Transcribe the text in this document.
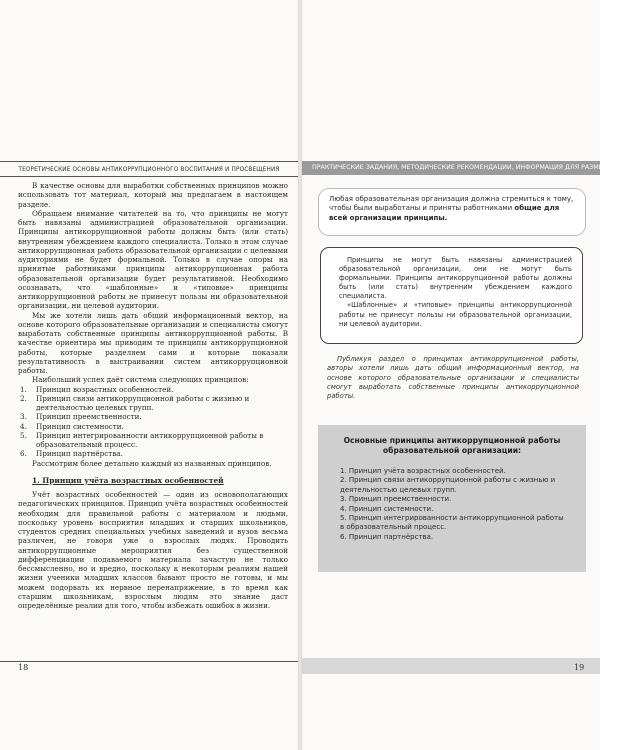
ТЕОРЕТИЧЕСКИЕ ОСНОВЫ АНТИКОРРУПЦИОННОГО ВОСПИТАНИЯ И ПРОСВЕЩЕНИЯ

В качестве основы для выработки собственных принципов можно использовать тот материал, который мы предлагаем в настоящем разделе.

Обращаем внимание читателей на то, что принципы не могут быть навязаны администрацией образовательной организации. Принципы антикоррупционной работы должны быть (или стать) внутренним убеждением каждого специалиста. Только в этом случае антикоррупционная работа образовательной организации с целевыми аудиториями не будет формальной. Только в случае опоры на принятые работниками принципы антикоррупционная работа образовательной организации будет результативной. Необходимо осознавать, что «шаблонные» и «типовые» принципы антикоррупционной работы не принесут пользы ни образовательной организации, ни целевой аудитории.

Мы же хотели лишь дать общий информационный вектор, на основе которого образовательные организации и специалисты смогут выработать собственные принципы антикоррупционной работы. В качестве ориентира мы приводим те принципы антикоррупционной работы, которые разделяем сами и которые показали результативность в выстраивании систем антикоррупционной работы.

Наибольший успех даёт система следующих принципов:

1. Принцип возрастных особенностей.
2. Принцип связи антикоррупционной работы с жизнью и деятельностью целевых групп.
3. Принцип преемственности.
4. Принцип системности.
5. Принцип интегрированности антикоррупционной работы в образовательный процесс.
6. Принцип партнёрства.

Рассмотрим более детально каждый из названных принципов.

1. Принцип учёта возрастных особенностей

Учёт возрастных особенностей — один из основополагающих педагогических принципов. Принцип учёта возрастных особенностей необходим для правильной работы с материалом и людьми, поскольку уровень восприятия младших и старших школьников, студентов средних специальных учебных заведений и вузов весьма различен, не говоря уже о взрослых людях. Проводить антикоррупционные мероприятия без существенной дифференциации подаваемого материала зачастую не только бессмысленно, но и вредно, поскольку к некоторым реалиям нашей жизни ученики младших классов бывают просто не готовы, и мы можем подорвать их нервное перенапряжение, в то время как старшим школьникам, взрослым людям это знание даст определённые реалии для того, чтобы избежать ошибок в жизни.

18
ПРАКТИЧЕСКИЕ ЗАДАНИЯ, МЕТОДИЧЕСКИЕ РЕКОМЕНДАЦИИ, ИНФОРМАЦИЯ ДЛЯ РАЗМЫШЛЕНИЯ
Любая образовательная организация должна стремиться к тому, чтобы были выработаны и приняты работниками общие для всей организации принципы.

Принципы не могут быть навязаны администрацией образовательной организации, они не могут быть формальными. Принципы антикоррупционной работы должны быть (или стать) внутренним убеждением каждого специалиста.

«Шаблонные» и «типовые» принципы антикоррупционной работы не принесут пользы ни образовательной организации, ни целевой аудитории.

Публикуя раздел о принципах антикоррупционной работы, авторы хотели лишь дать общий информационный вектор, на основе которого образовательные организации и специалисты смогут выработать собственные принципы антикоррупционной работы.
Основные принципы антикоррупционной работы образовательной организации:
1. Принцип учёта возрастных особенностей.
2. Принцип связи антикоррупционной работы с жизнью и деятельностью целевых групп.
3. Принцип преемственности.
4. Принцип системности.
5. Принцип интегрированности антикоррупционной работы в образовательный процесс.
6. Принцип партнёрства.
19
